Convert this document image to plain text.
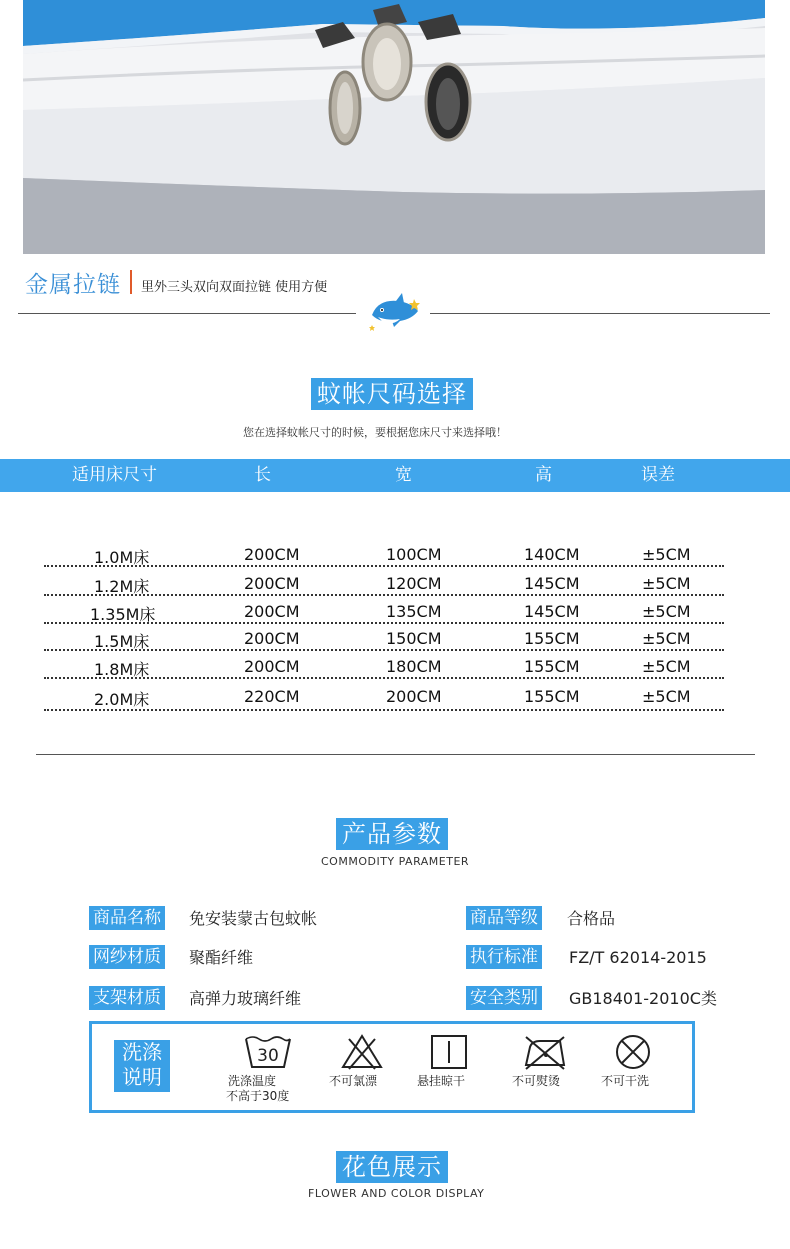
金属拉链 里外三头双向双面拉链 使用方便
蚊帐尺码选择
您在选择蚊帐尺寸的时候，要根据您床尺寸来选择哦！
适用床尺寸	长	宽	高	误差
1.0M床	200CM	100CM	140CM	±5CM
1.2M床	200CM	120CM	145CM	±5CM
1.35M床	200CM	135CM	145CM	±5CM
1.5M床	200CM	150CM	155CM	±5CM
1.8M床	200CM	180CM	155CM	±5CM
2.0M床	220CM	200CM	155CM	±5CM
产品参数
COMMODITY PARAMETER
商品名称 免安装蒙古包蚊帐	商品等级 合格品
网纱材质 聚酯纤维	执行标准 FZ/T 62014-2015
支架材质 高弹力玻璃纤维	安全类别 GB18401-2010C类
洗涤
说明
30
洗涤温度
不高于30度
不可氯漂	悬挂晾干	不可熨烫	不可干洗
花色展示
FLOWER AND COLOR DISPLAY
